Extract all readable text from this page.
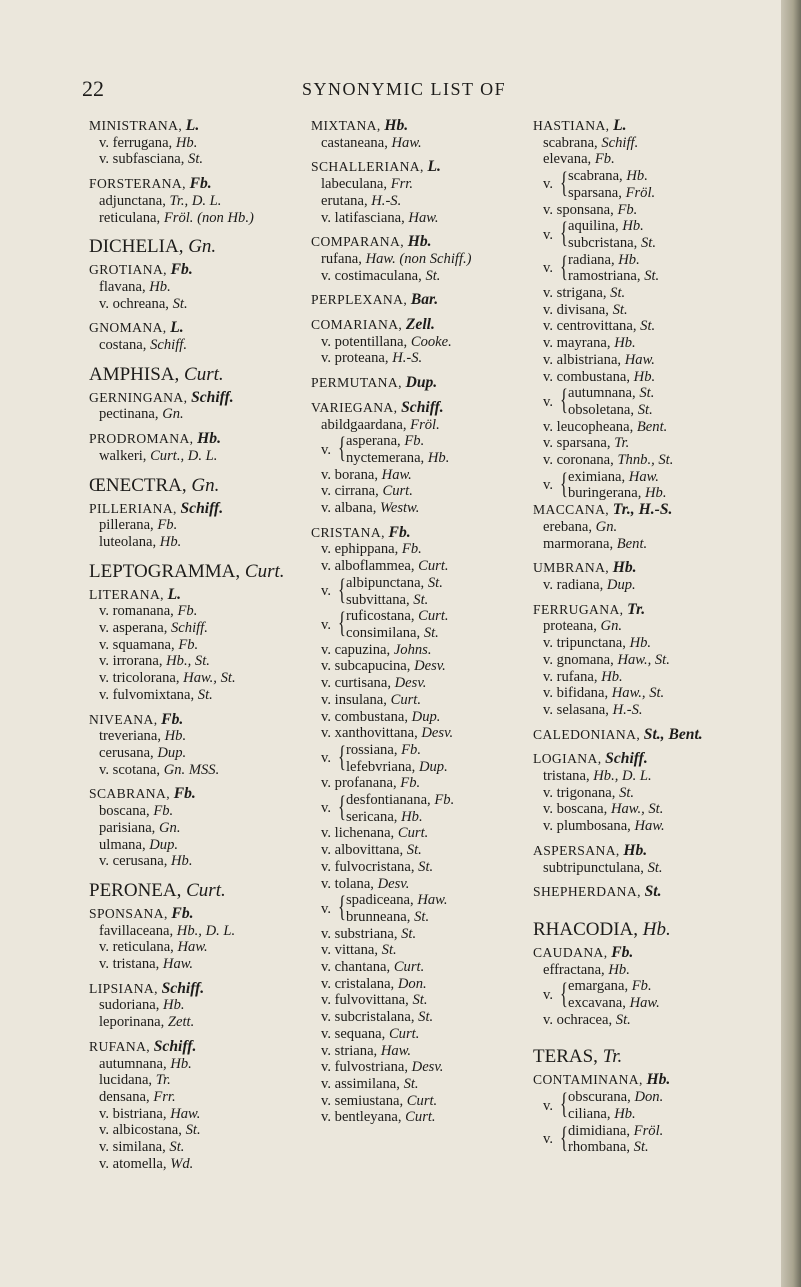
22	SYNONYMIC LIST OF
MINISTRANA, L.
v. ferrugana, Hb.
v. subfasciana, St.
FORSTERANA, Fb.
adjunctana, Tr., D. L.
reticulana, Fröl. (non Hb.)
DICHELIA, Gn.
GROTIANA, Fb.
flavana, Hb.
v. ochreana, St.
GNOMANA, L.
costana, Schiff.
AMPHISA, Curt.
GERNINGANA, Schiff.
pectinana, Gn.
PRODROMANA, Hb.
walkeri, Curt., D. L.
ŒNECTRA, Gn.
PILLERIANA, Schiff.
pillerana, Fb.
luteolana, Hb.
LEPTOGRAMMA, Curt.
LITERANA, L.
v. romanana, Fb.
v. asperana, Schiff.
v. squamana, Fb.
v. irrorana, Hb., St.
v. tricolorana, Haw., St.
v. fulvomixtana, St.
NIVEANA, Fb.
treveriana, Hb.
cerusana, Dup.
v. scotana, Gn. MSS.
SCABRANA, Fb.
boscana, Fb.
parisiana, Gn.
ulmana, Dup.
v. cerusana, Hb.
PERONEA, Curt.
SPONSANA, Fb.
favillaceana, Hb., D. L.
v. reticulana, Haw.
v. tristana, Haw.
LIPSIANA, Schiff.
sudoriana, Hb.
leporinana, Zett.
RUFANA, Schiff.
autumnana, Hb.
lucidana, Tr.
densana, Frr.
v. bistriana, Haw.
v. albicostana, St.
v. similana, St.
v. atomella, Wd.
MIXTANA, Hb.
castaneana, Haw.
SCHALLERIANA, L.
labeculana, Frr.
erutana, H.-S.
v. latifasciana, Haw.
COMPARANA, Hb.
rufana, Haw. (non Schiff.)
v. costimaculana, St.
PERPLEXANA, Bar.
COMARIANA, Zell.
v. potentillana, Cooke.
v. proteana, H.-S.
PERMUTANA, Dup.
VARIEGANA, Schiff.
abildgaardana, Fröl.
v. { asperana, Fb.
nyctemerana, Hb.
v. borana, Haw.
v. cirrana, Curt.
v. albana, Westw.
CRISTANA, Fb.
v. ephippana, Fb.
v. alboflammea, Curt.
v. { albipunctana, St.
subvittana, St.
v. { ruficostana, Curt.
consimilana, St.
v. capuzina, Johns.
v. subcapucina, Desv.
v. curtisana, Desv.
v. insulana, Curt.
v. combustana, Dup.
v. xanthovittana, Desv.
v. { rossiana, Fb.
lefebvriana, Dup.
v. profanana, Fb.
v. { desfontianana, Fb.
sericana, Hb.
v. lichenana, Curt.
v. albovittana, St.
v. fulvocristana, St.
v. tolana, Desv.
v. { spadiceana, Haw.
brunneana, St.
v. substriana, St.
v. vittana, St.
v. chantana, Curt.
v. cristalana, Don.
v. fulvovittana, St.
v. subcristalana, St.
v. sequana, Curt.
v. striana, Haw.
v. fulvostriana, Desv.
v. assimilana, St.
v. semiustana, Curt.
v. bentleyana, Curt.
HASTIANA, L.
scabrana, Schiff.
elevana, Fb.
v. { scabrana, Hb.
sparsana, Fröl.
v. sponsana, Fb.
v. { aquilina, Hb.
subcristana, St.
v. { radiana, Hb.
ramostriana, St.
v. strigana, St.
v. divisana, St.
v. centrovittana, St.
v. mayrana, Hb.
v. albistriana, Haw.
v. combustana, Hb.
v. { autumnana, St.
obsoletana, St.
v. leucopheana, Bent.
v. sparsana, Tr.
v. coronana, Thnb., St.
v. { eximiana, Haw.
buringerana, Hb.
MACCANA, Tr., H.-S.
erebana, Gn.
marmorana, Bent.
UMBRANA, Hb.
v. radiana, Dup.
FERRUGANA, Tr.
proteana, Gn.
v. tripunctana, Hb.
v. gnomana, Haw., St.
v. rufana, Hb.
v. bifidana, Haw., St.
v. selasana, H.-S.
CALEDONIANA, St., Bent.
LOGIANA, Schiff.
tristana, Hb., D. L.
v. trigonana, St.
v. boscana, Haw., St.
v. plumbosana, Haw.
ASPERSANA, Hb.
subtripunctulana, St.
SHEPHERDANA, St.
RHACODIA, Hb.
CAUDANA, Fb.
effractana, Hb.
v. { emargana, Fb.
excavana, Haw.
v. ochracea, St.
TERAS, Tr.
CONTAMINANA, Hb.
v. { obscurana, Don.
ciliana, Hb.
v. { dimidiana, Fröl.
rhombana, St.
